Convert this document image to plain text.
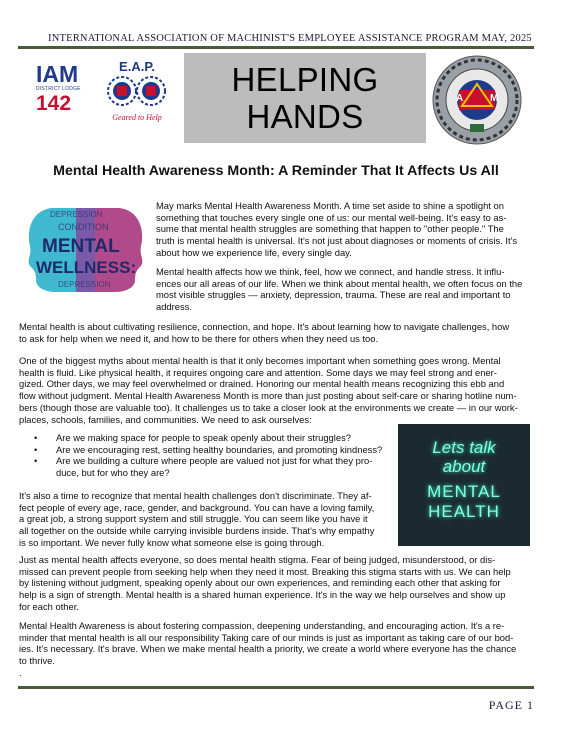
INTERNATIONAL ASSOCIATION OF MACHINIST'S EMPLOYEE ASSISTANCE PROGRAM MAY, 2025
IAM
DISTRICT LODGE
142
E.A.P.
Geared to Help
HELPING
HANDS	A	M
Mental Health Awareness Month: A Reminder That It Affects Us All
DEPRESSION
CONDITION
MENTAL
WELLNESS:
DEPRESSION
May marks Mental Health Awareness Month. A time set aside to shine a spotlight on
something that touches every single one of us: our mental well-being. It's easy to as-
sume that mental health struggles are something that happen to "other people." The
truth is mental health is universal. It's not just about diagnoses or moments of crisis. It's
about how we experience life, every single day.
Mental health affects how we think, feel, how we connect, and handle stress. It influ-
ences our all areas of our life. When we think about mental health, we often focus on the
most visible struggles — anxiety, depression, trauma. These are real and important to
address.
Mental health is about cultivating resilience, connection, and hope. It's about learning how to navigate challenges, how
to ask for help when we need it, and how to be there for others when they need us too.
One of the biggest myths about mental health is that it only becomes important when something goes wrong. Mental
health is fluid. Like physical health, it requires ongoing care and attention. Some days we may feel strong and ener-
gized. Other days, we may feel overwhelmed or drained. Honoring our mental health means recognizing this ebb and
flow without judgment. Mental Health Awareness Month is more than just posting about self-care or sharing hotline num-
bers (though those are valuable too). It challenges us to take a closer look at the environments we create — in our work-
places, schools, families, and communities. We need to ask ourselves:
• Are we making space for people to speak openly about their struggles?
• Are we encouraging rest, setting healthy boundaries, and promoting kindness?
• Are we building a culture where people are valued not just for what they pro-
duce, but for who they are?
Lets talk
about
MENTAL
HEALTH
It's also a time to recognize that mental health challenges don't discriminate. They af-
fect people of every age, race, gender, and background. You can have a loving family,
a great job, a strong support system and still struggle. You can seem like you have it
all together on the outside while carrying invisible burdens inside. That's why empathy
is so important. We never fully know what someone else is going through.
Just as mental health affects everyone, so does mental health stigma. Fear of being judged, misunderstood, or dis-
missed can prevent people from seeking help when they need it most. Breaking this stigma starts with us. We can help
by listening without judgment, speaking openly about our own experiences, and reminding each other that asking for
help is a sign of strength. Mental health is a shared human experience. It's in the way we help ourselves and show up
for each other.
Mental Health Awareness is about fostering compassion, deepening understanding, and encouraging action. It's a re-
minder that mental health is all our responsibility Taking care of our minds is just as important as taking care of our bod-
ies. It's necessary. It's brave. When we make mental health a priority, we create a world where everyone has the chance
to thrive.
.
PAGE 1
